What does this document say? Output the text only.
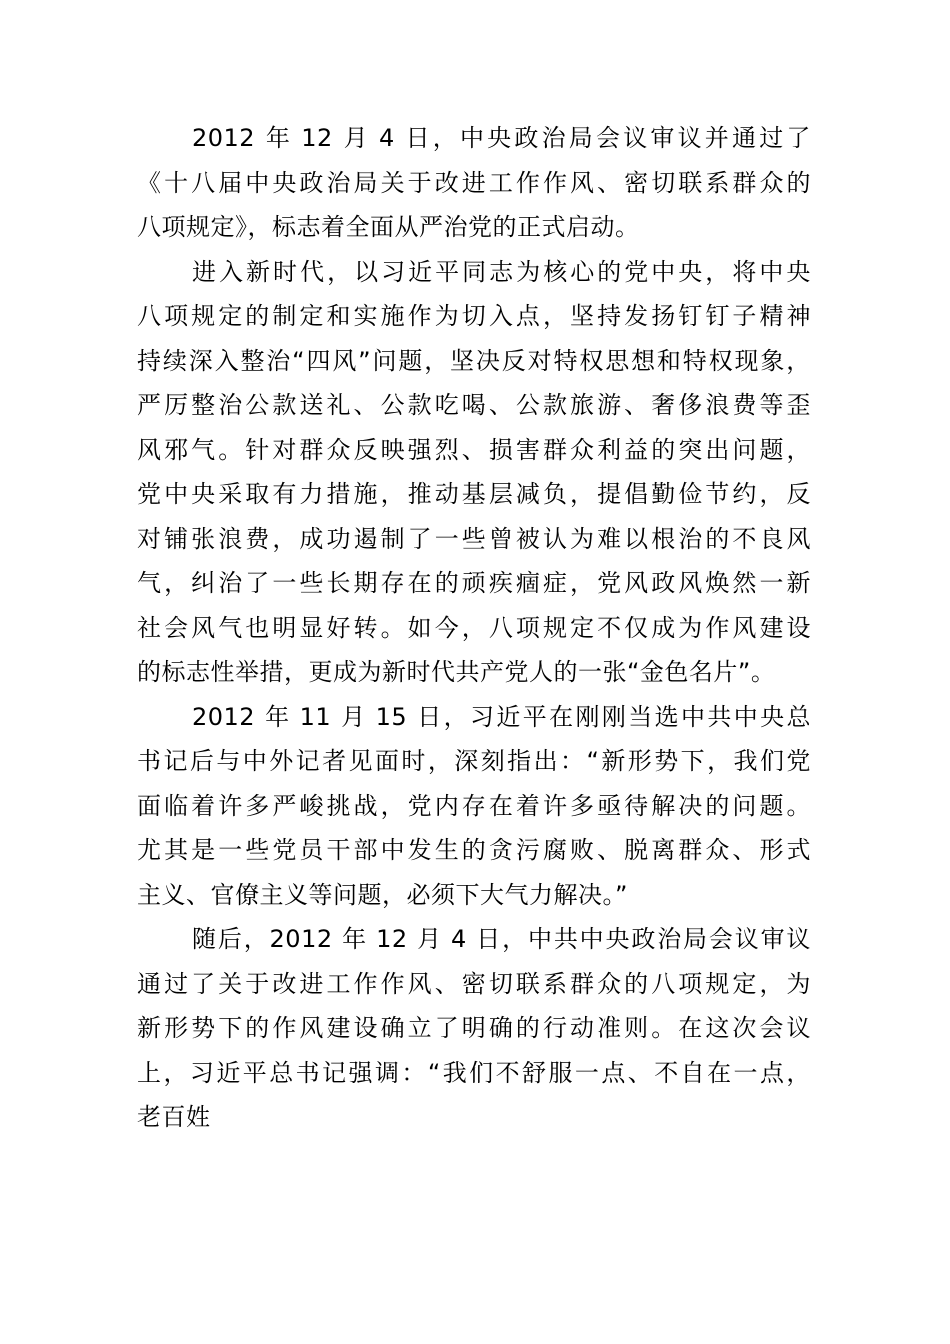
2012 年 12 月 4 日 ， 中 央 政 治 局 会 议 审 议 并 通 过 了
《 十 八 届 中 央 政 治 局 关 于 改 进 工 作 作 风 、 密 切 联 系 群 众 的
八项规定》，标志着全面从严治党的正式启动。
进 入 新 时 代 ， 以 习 近 平 同 志 为 核 心 的 党 中 央 ， 将 中 央
八 项 规 定 的 制 定 和 实 施 作 为 切 入 点 ， 坚 持 发 扬 钉 钉 子 精 神
持 续 深 入 整 治 “ 四 风 ” 问 题 ， 坚 决 反 对 特 权 思 想 和 特 权 现 象 ，
严 厉 整 治 公 款 送 礼 、 公 款 吃 喝 、 公 款 旅 游 、 奢 侈 浪 费 等 歪
风 邪 气 。 针 对 群 众 反 映 强 烈 、 损 害 群 众 利 益 的 突 出 问 题 ，
党 中 央 采 取 有 力 措 施 ， 推 动 基 层 减 负 ， 提 倡 勤 俭 节 约 ， 反
对 铺 张 浪 费 ， 成 功 遏 制 了 一 些 曾 被 认 为 难 以 根 治 的 不 良 风
气 ， 纠 治 了 一 些 长 期 存 在 的 顽 疾 痼 症 ， 党 风 政 风 焕 然 一 新
社 会 风 气 也 明 显 好 转 。 如 今 ， 八 项 规 定 不 仅 成 为 作 风 建 设
的标志性举措，更成为新时代共产党人的一张“金色名片”。
2012 年 11 月 15 日 ， 习 近 平 在 刚 刚 当 选 中 共 中 央 总
书 记 后 与 中 外 记 者 见 面 时 ， 深 刻 指 出 ： “ 新 形 势 下 ， 我 们 党
面 临 着 许 多 严 峻 挑 战 ， 党 内 存 在 着 许 多 亟 待 解 决 的 问 题 。
尤 其 是 一 些 党 员 干 部 中 发 生 的 贪 污 腐 败 、 脱 离 群 众 、 形 式
主义、官僚主义等问题，必须下大气力解决。”
随 后 ， 2012 年 12 月 4 日 ， 中 共 中 央 政 治 局 会 议 审 议
通 过 了 关 于 改 进 工 作 作 风 、 密 切 联 系 群 众 的 八 项 规 定 ， 为
新 形 势 下 的 作 风 建 设 确 立 了 明 确 的 行 动 准 则 。 在 这 次 会 议
上 ， 习 近 平 总 书 记 强 调 ： “ 我 们 不 舒 服 一 点 、 不 自 在 一 点 ，
老百姓
